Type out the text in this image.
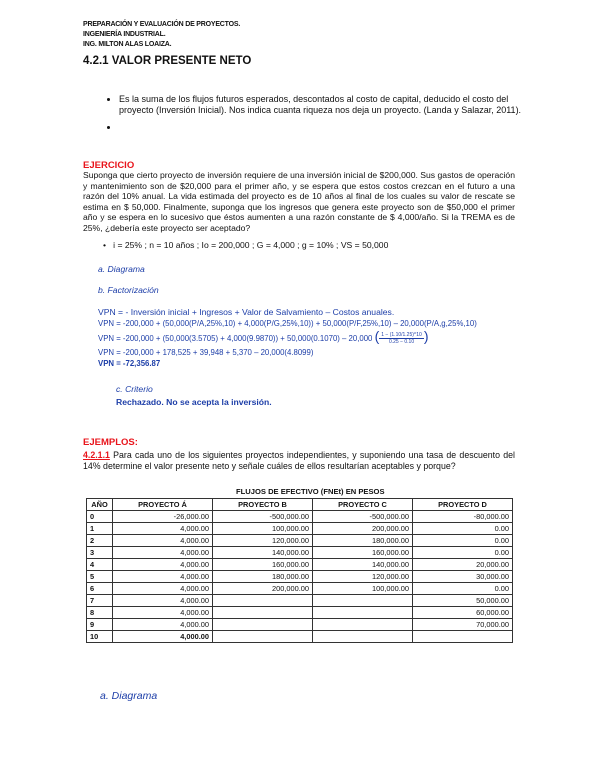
PREPARACIÓN Y EVALUACIÓN DE PROYECTOS.
INGENIERÍA INDUSTRIAL.
ING. MILTON ALAS LOAIZA.
4.2.1 VALOR PRESENTE NETO
• Es la suma de los flujos futuros esperados, descontados al costo de capital, deducido el costo del proyecto (Inversión Inicial). Nos indica cuanta riqueza nos deja un proyecto. (Landa y Salazar, 2011).
•
EJERCICIO
Suponga que cierto proyecto de inversión requiere de una inversión inicial de $200,000. Sus gastos de operación y mantenimiento son de $20,000 para el primer año, y se espera que estos costos crezcan en el futuro a una razón del 10% anual. La vida estimada del proyecto es de 10 años al final de los cuales su valor de rescate se estima en $ 50,000. Finalmente, suponga que los ingresos que genera este proyecto son de $50,000 el primer año y se espera en lo sucesivo que éstos aumenten a una razón constante de $ 4,000/año. Si la TREMA es de 25%, ¿debería este proyecto ser aceptado?
•   i = 25% ; n = 10 años ; Io = 200,000 ; G = 4,000 ; g = 10% ; VS = 50,000
a. Diagrama
b. Factorización
VPN = - Inversión inicial + Ingresos + Valor de Salvamiento – Costos anuales.
VPN = -200,000 + (50,000(P/A,25%,10) + 4,000(P/G,25%,10)) + 50,000(P/F,25%,10) – 20,000(P/A,g,25%,10)
VPN = -200,000 + (50,000(3.5705) + 4,000(9.9870)) + 50,000(0.1070) – 20,000 ( $\frac{1 - (1.10/1.25)\^{}10}{0.25 - 0.10}$ )
VPN = -200,000 + 178,525 + 39,948 + 5,370 – 20,000(4.8099)
VPN = -72,356.87
c. Criterio
Rechazado. No se acepta la inversión.
EJEMPLOS:
4.2.1.1 Para cada uno de los siguientes proyectos independientes, y suponiendo una tasa de descuento del 14% determine el valor presente neto y señale cuáles de ellos resultarían aceptables y porque?
FLUJOS DE EFECTIVO (FNEt) EN PESOS
AÑO	PROYECTO Á	PROYECTO B	PROYECTO C	PROYECTO D
0	-26,000.00	-500,000.00	-500,000.00	-80,000.00
1	4,000.00	100,000.00	200,000.00	0.00
2	4,000.00	120,000.00	180,000.00	0.00
3	4,000.00	140,000.00	160,000.00	0.00
4	4,000.00	160,000.00	140,000.00	20,000.00
5	4,000.00	180,000.00	120,000.00	30,000.00
6	4,000.00	200,000.00	100,000.00	0.00
7	4,000.00			50,000.00
8	4,000.00			60,000.00
9	4,000.00			70,000.00
10	4,000.00			
a. Diagrama
